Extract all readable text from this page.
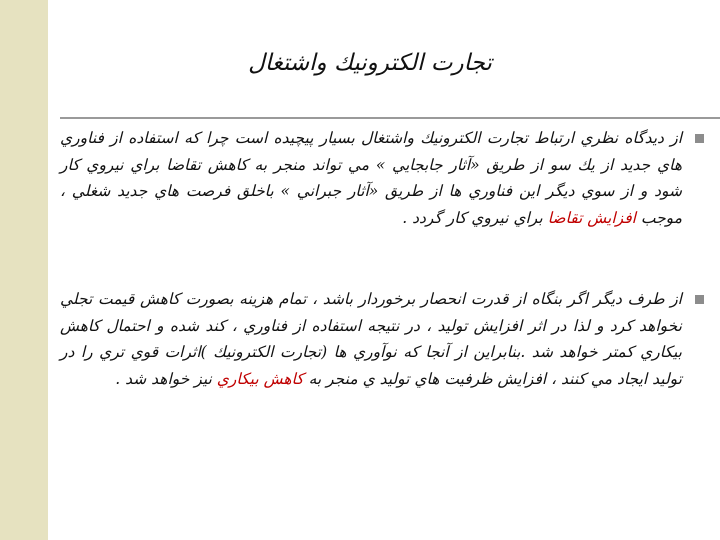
تجارت الكترونيك واشتغال
از ديدگاه نظري ارتباط تجارت الكترونيك واشتغال بسيار پيچيده است چرا كه استفاده از فناوري هاي جديد از يك سو از طريق «آثار جابجايي » مي تواند منجر به كاهش تقاضا براي نيروي كار شود و از سوي ديگر اين فناوري ها از طريق «آثار جبراني » باخلق فرصت هاي جديد شغلي ، موجب افزايش تقاضا براي نيروي كار گردد .
از طرف ديگر اگر بنگاه از قدرت انحصار برخوردار باشد ، تمام هزينه بصورت كاهش قيمت تجلي نخواهد كرد و لذا در اثر افزايش توليد ، در نتيجه استفاده از فناوري ، كند شده و احتمال كاهش بيكاري كمتر خواهد شد .بنابراين از آنجا كه نوآوري ها (تجارت الكترونيك )اثرات قوي تري را در توليد ايجاد مي كنند ، افزايش ظرفيت هاي توليد ي منجر به كاهش بيكاري نيز خواهد شد .
